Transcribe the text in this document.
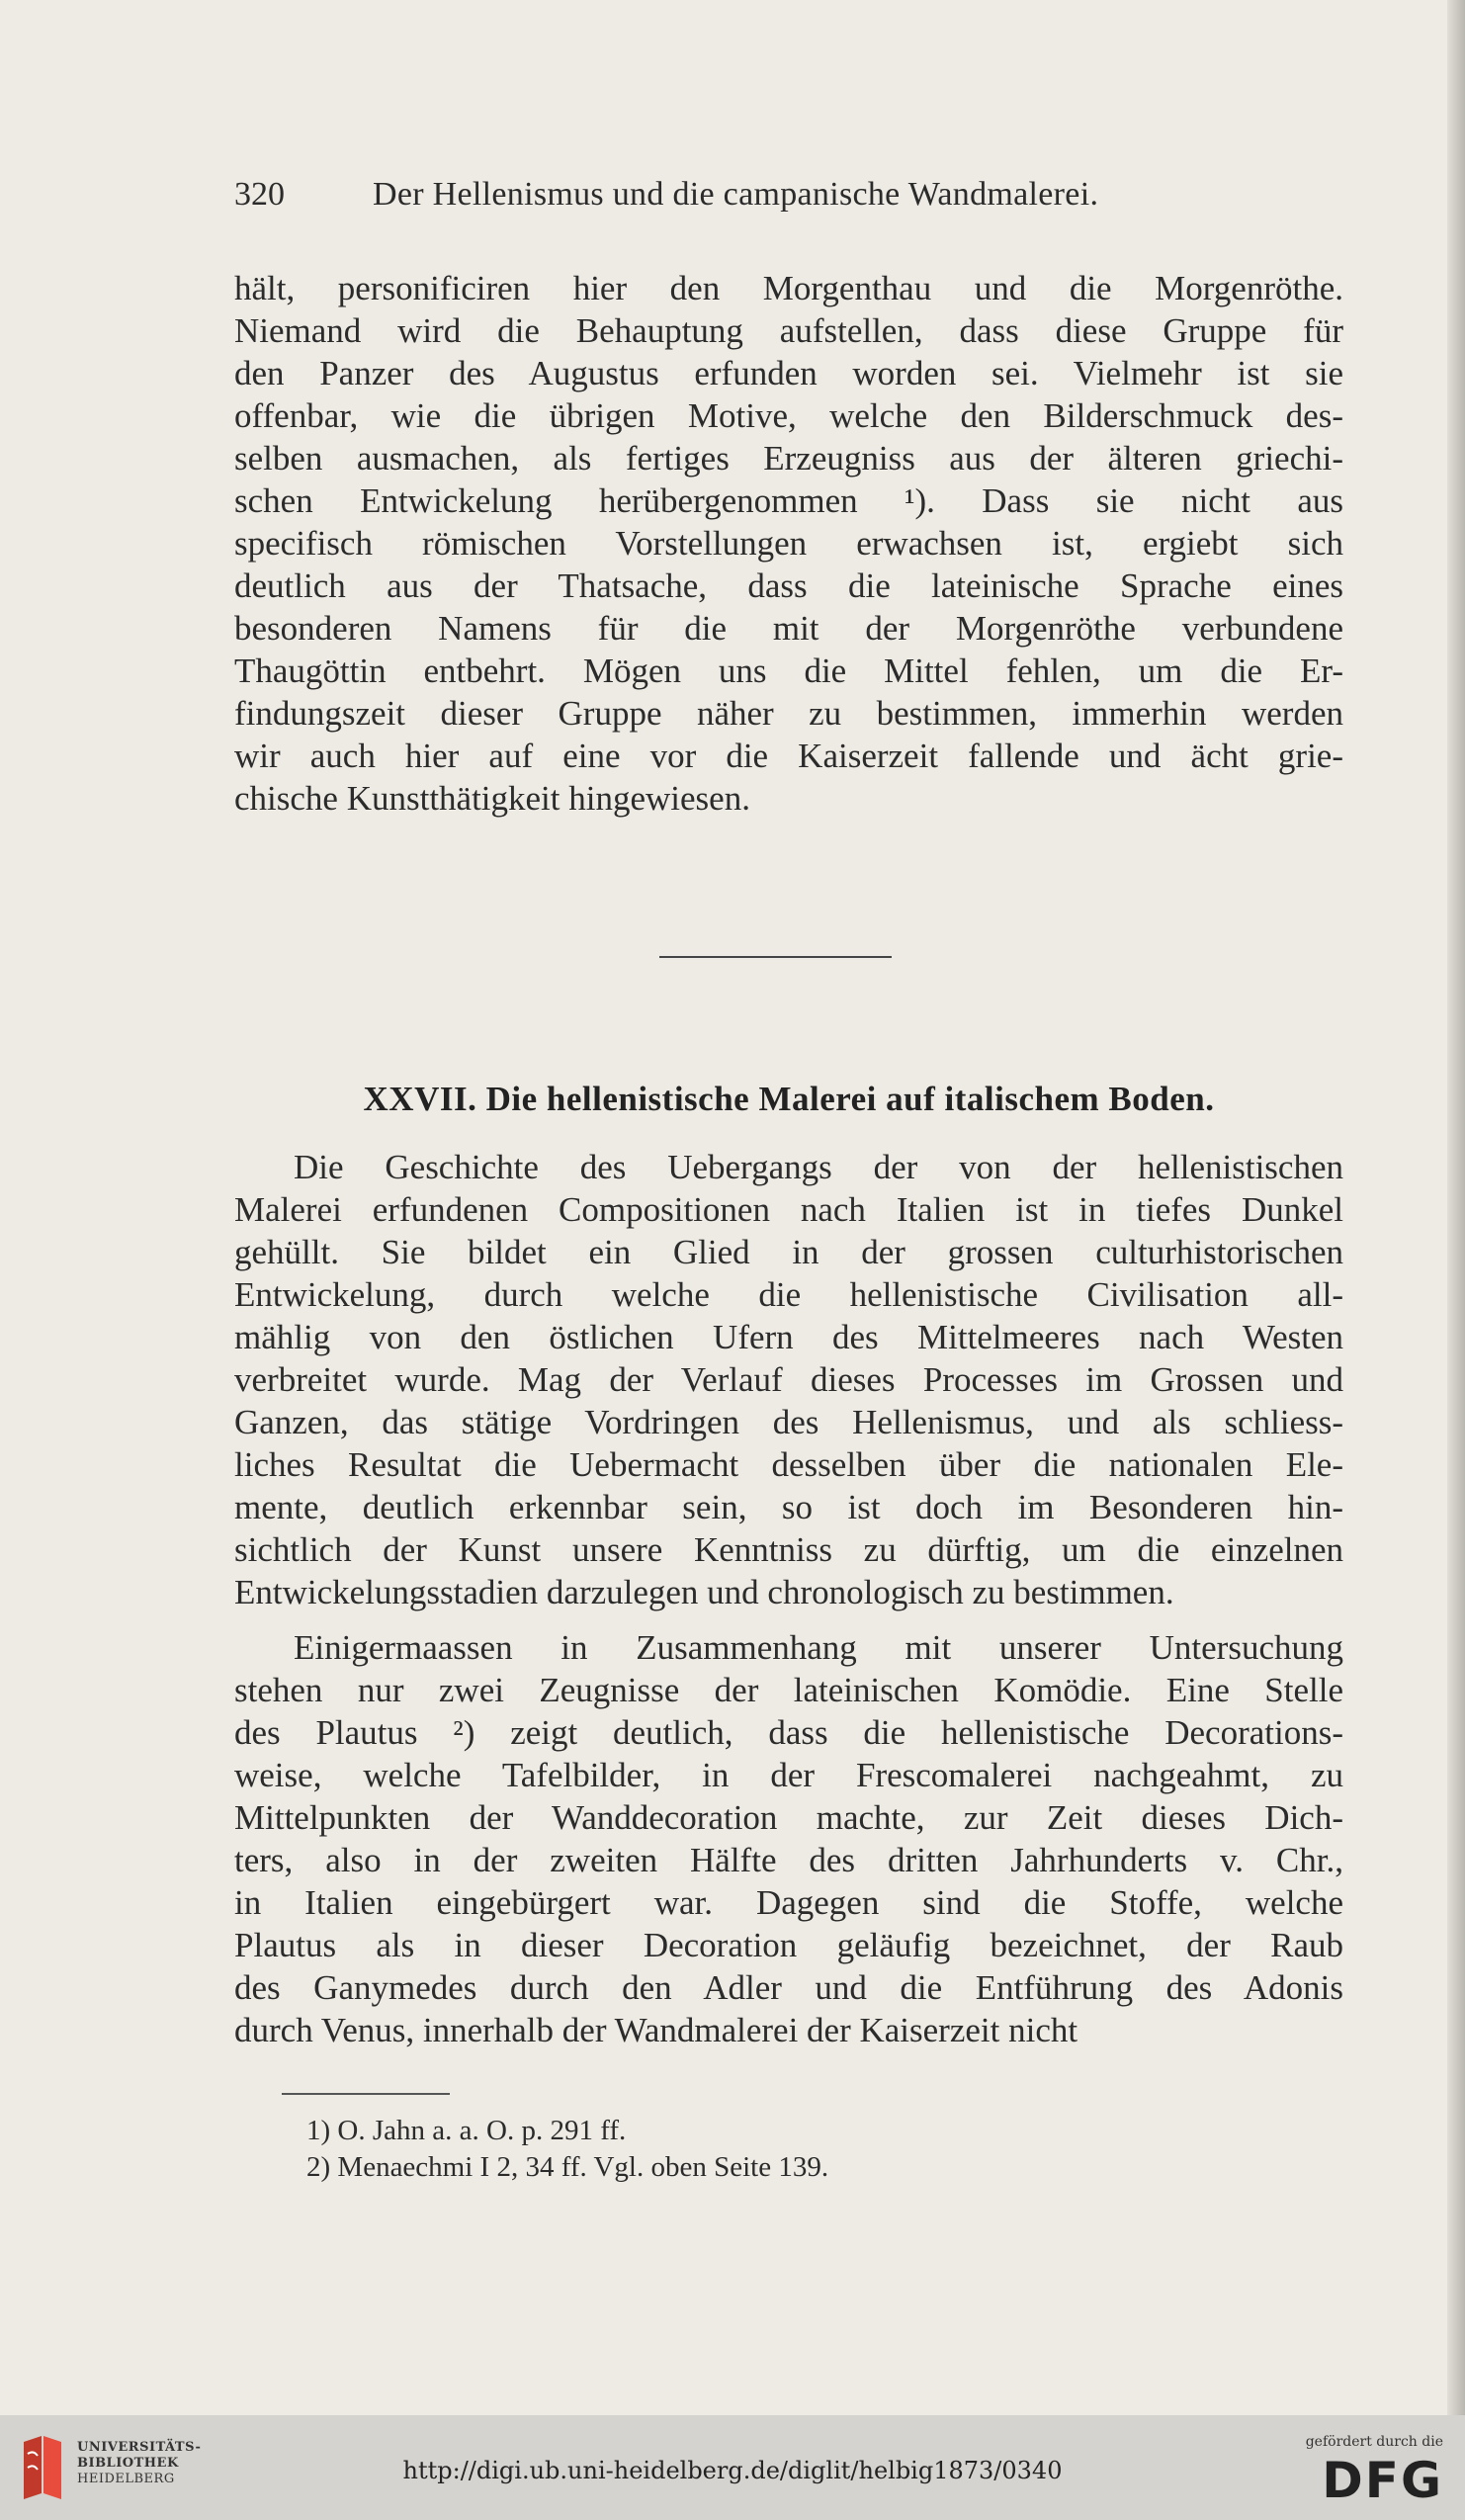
320	Der Hellenismus und die campanische Wandmalerei.

hält, personificiren hier den Morgenthau und die Morgenröthe.
Niemand wird die Behauptung aufstellen, dass diese Gruppe für
den Panzer des Augustus erfunden worden sei. Vielmehr ist sie
offenbar, wie die übrigen Motive, welche den Bilderschmuck des-
selben ausmachen, als fertiges Erzeugniss aus der älteren griechi-
schen Entwickelung herübergenommen ¹). Dass sie nicht aus
specifisch römischen Vorstellungen erwachsen ist, ergiebt sich
deutlich aus der Thatsache, dass die lateinische Sprache eines
besonderen Namens für die mit der Morgenröthe verbundene
Thaugöttin entbehrt. Mögen uns die Mittel fehlen, um die Er-
findungszeit dieser Gruppe näher zu bestimmen, immerhin werden
wir auch hier auf eine vor die Kaiserzeit fallende und ächt grie-
chische Kunstthätigkeit hingewiesen.

XXVII. Die hellenistische Malerei auf italischem Boden.

Die Geschichte des Uebergangs der von der hellenistischen
Malerei erfundenen Compositionen nach Italien ist in tiefes Dunkel
gehüllt. Sie bildet ein Glied in der grossen culturhistorischen
Entwickelung, durch welche die hellenistische Civilisation all-
mählig von den östlichen Ufern des Mittelmeeres nach Westen
verbreitet wurde. Mag der Verlauf dieses Processes im Grossen und
Ganzen, das stätige Vordringen des Hellenismus, und als schliess-
liches Resultat die Uebermacht desselben über die nationalen Ele-
mente, deutlich erkennbar sein, so ist doch im Besonderen hin-
sichtlich der Kunst unsere Kenntniss zu dürftig, um die einzelnen
Entwickelungsstadien darzulegen und chronologisch zu bestimmen.

Einigermaassen in Zusammenhang mit unserer Untersuchung
stehen nur zwei Zeugnisse der lateinischen Komödie. Eine Stelle
des Plautus ²) zeigt deutlich, dass die hellenistische Decorations-
weise, welche Tafelbilder, in der Frescomalerei nachgeahmt, zu
Mittelpunkten der Wanddecoration machte, zur Zeit dieses Dich-
ters, also in der zweiten Hälfte des dritten Jahrhunderts v. Chr.,
in Italien eingebürgert war. Dagegen sind die Stoffe, welche
Plautus als in dieser Decoration geläufig bezeichnet, der Raub
des Ganymedes durch den Adler und die Entführung des Adonis
durch Venus, innerhalb der Wandmalerei der Kaiserzeit nicht

1) O. Jahn a. a. O. p. 291 ff.
2) Menaechmi I 2, 34 ff. Vgl. oben Seite 139.
UNIVERSITÄTS-
BIBLIOTHEK
HEIDELBERG	http://digi.ub.uni-heidelberg.de/diglit/helbig1873/0340
gefördert durch die
DFG
